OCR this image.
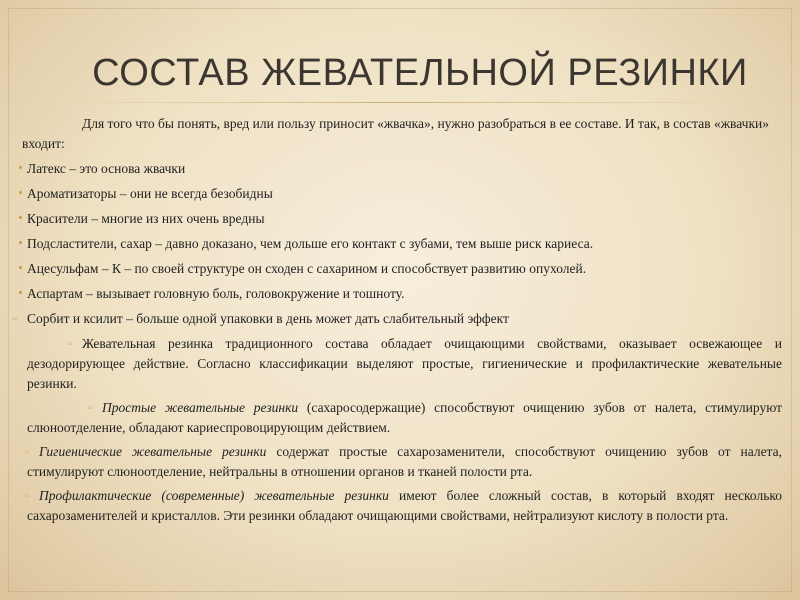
СОСТАВ ЖЕВАТЕЛЬНОЙ РЕЗИНКИ

Для того что бы понять, вред или пользу приносит «жвачка», нужно разобраться в ее составе. И так, в состав «жвачки» входит:

Латекс – это основа жвачки
Ароматизаторы – они не всегда безобидны
Красители – многие из них очень вредны
Подсластители, сахар – давно доказано, чем дольше его контакт с зубами, тем выше риск кариеса.
Ацесульфам – К – по своей структуре он сходен с сахарином и способствует развитию опухолей.
Аспартам – вызывает головную боль, головокружение и тошноту.
▫ Сорбит и ксилит – больше одной упаковки в день может дать слабительный эффект

▫ Жевательная резинка традиционного состава обладает очищающими свойствами, оказывает освежающее и дезодорирующее действие. Согласно классификации выделяют простые, гигиенические и профилактические жевательные резинки.

▫ Простые жевательные резинки (сахаросодержащие) способствуют очищению зубов от налета, стимулируют слюноотделение, обладают кариеспровоцирующим действием.

▫ Гигиенические жевательные резинки содержат простые сахарозаменители, способствуют очищению зубов от налета, стимулируют слюноотделение, нейтральны в отношении органов и тканей полости рта.

▫ Профилактические (современные) жевательные резинки имеют более сложный состав, в который входят несколько сахарозаменителей и кристаллов. Эти резинки обладают очищающими свойствами, нейтрализуют кислоту в полости рта.
